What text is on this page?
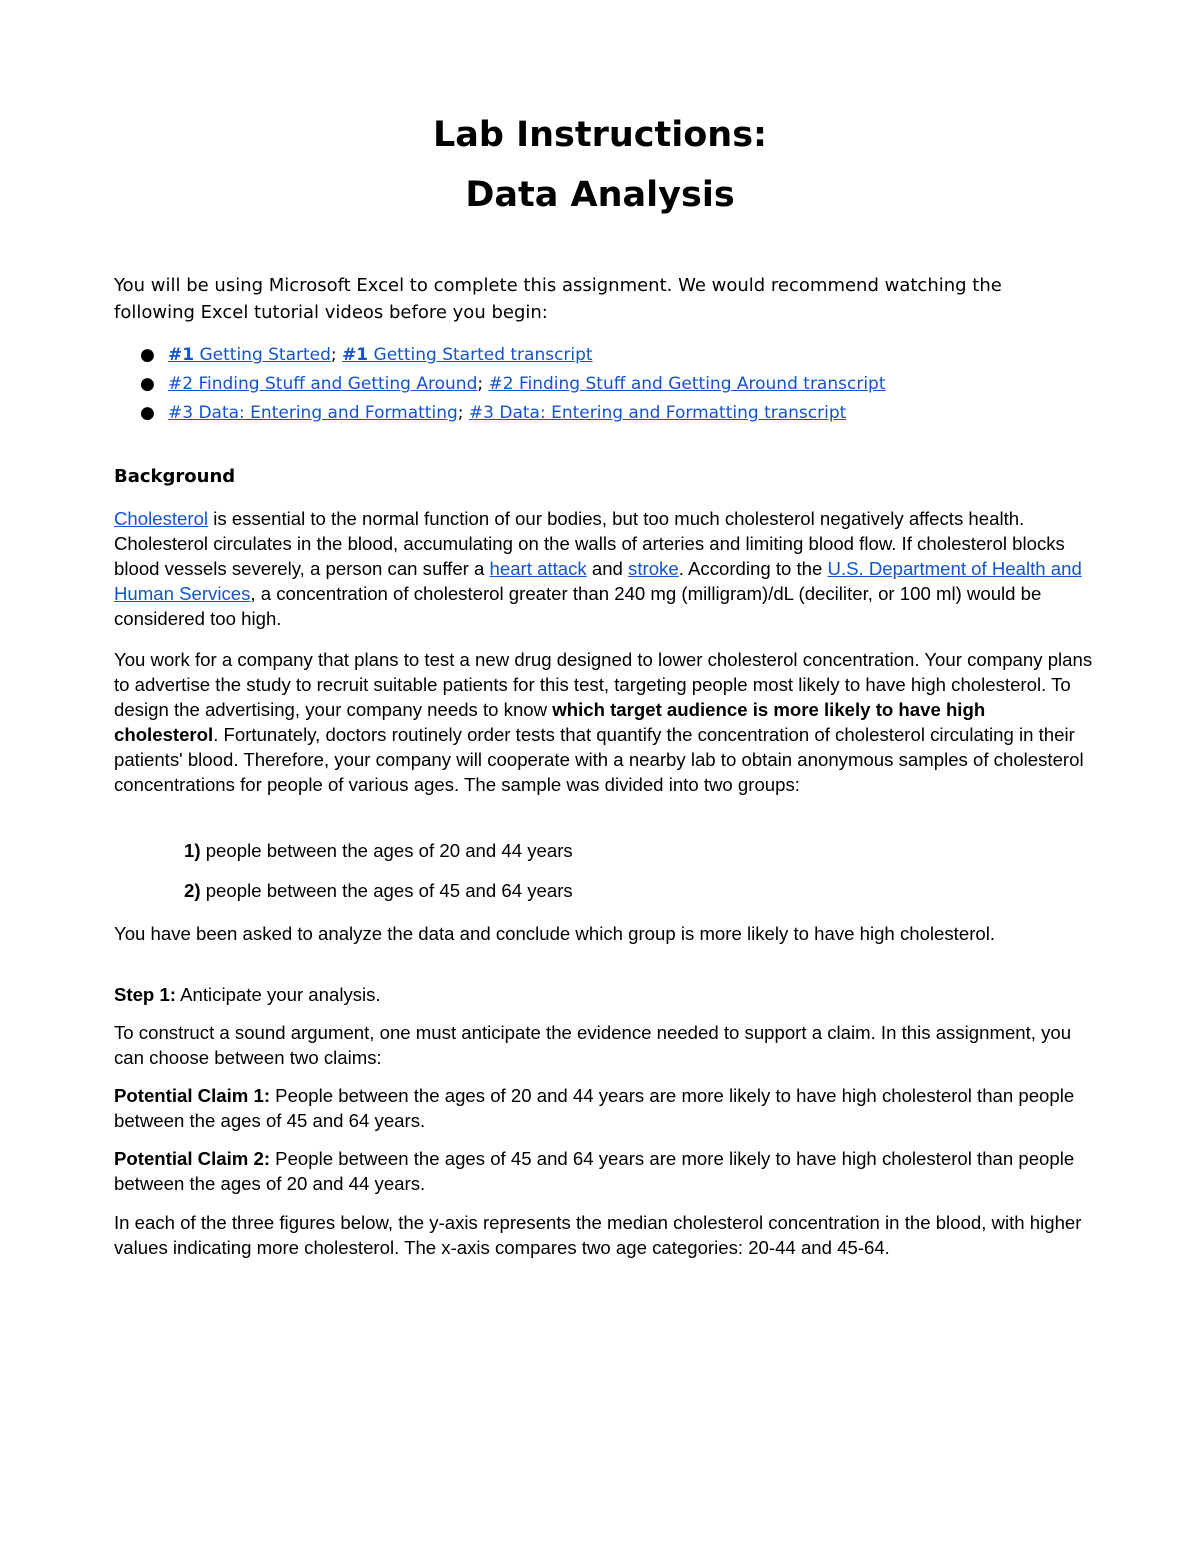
Lab Instructions:
Data Analysis

You will be using Microsoft Excel to complete this assignment. We would recommend watching the following Excel tutorial videos before you begin:

● #1 Getting Started; #1 Getting Started transcript
● #2 Finding Stuff and Getting Around; #2 Finding Stuff and Getting Around transcript
● #3 Data: Entering and Formatting; #3 Data: Entering and Formatting transcript
Background

Cholesterol is essential to the normal function of our bodies, but too much cholesterol negatively affects health. Cholesterol circulates in the blood, accumulating on the walls of arteries and limiting blood flow. If cholesterol blocks blood vessels severely, a person can suffer a heart attack and stroke. According to the U.S. Department of Health and Human Services, a concentration of cholesterol greater than 240 mg (milligram)/dL (deciliter, or 100 ml) would be considered too high.

You work for a company that plans to test a new drug designed to lower cholesterol concentration. Your company plans to advertise the study to recruit suitable patients for this test, targeting people most likely to have high cholesterol. To design the advertising, your company needs to know which target audience is more likely to have high cholesterol. Fortunately, doctors routinely order tests that quantify the concentration of cholesterol circulating in their patients' blood. Therefore, your company will cooperate with a nearby lab to obtain anonymous samples of cholesterol concentrations for people of various ages. The sample was divided into two groups:

1) people between the ages of 20 and 44 years

2) people between the ages of 45 and 64 years

You have been asked to analyze the data and conclude which group is more likely to have high cholesterol.

Step 1: Anticipate your analysis.

To construct a sound argument, one must anticipate the evidence needed to support a claim. In this assignment, you can choose between two claims:

Potential Claim 1: People between the ages of 20 and 44 years are more likely to have high cholesterol than people between the ages of 45 and 64 years.

Potential Claim 2: People between the ages of 45 and 64 years are more likely to have high cholesterol than people between the ages of 20 and 44 years.

In each of the three figures below, the y-axis represents the median cholesterol concentration in the blood, with higher values indicating more cholesterol. The x-axis compares two age categories: 20-44 and 45-64.
